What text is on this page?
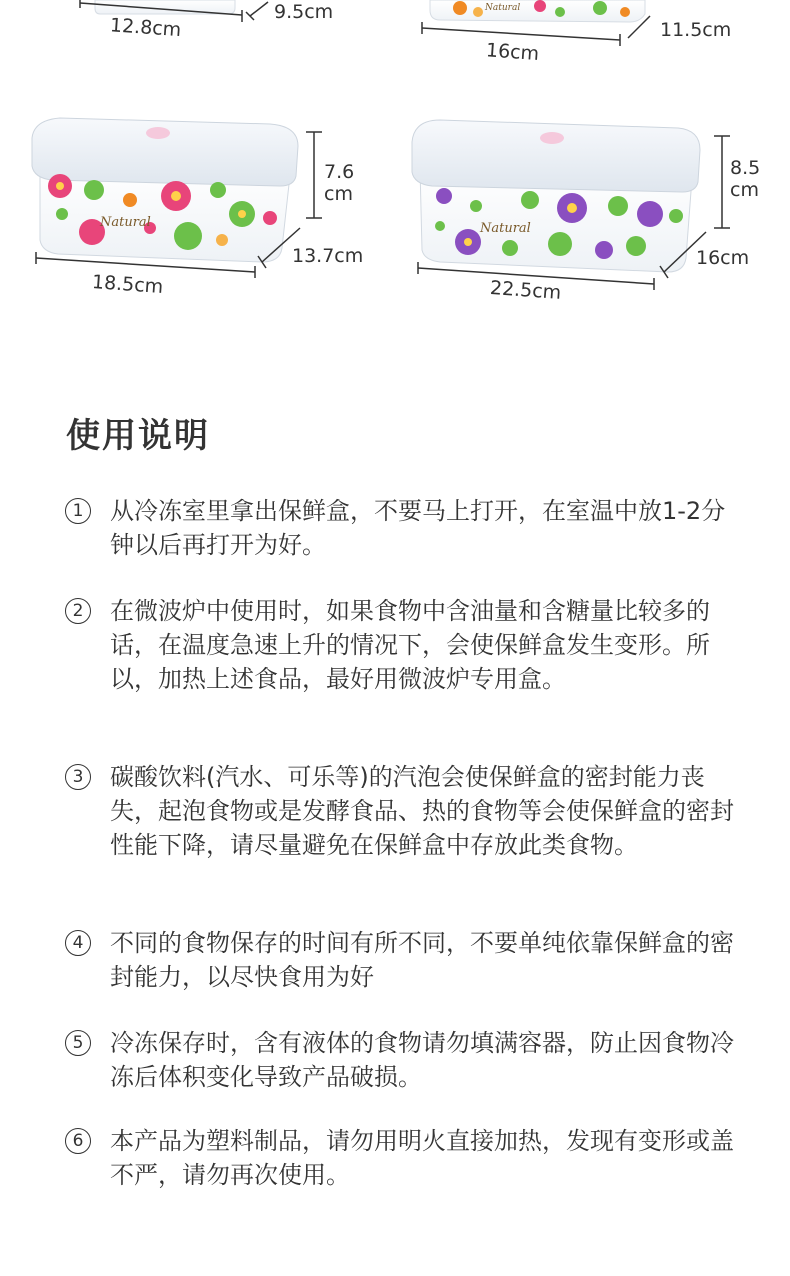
12.8cm
9.5cm	Natural
16cm
11.5cm
Natural
7.6
cm
13.7cm
18.5cm
Natural
8.5
cm
16cm
22.5cm
使用说明
1	从冷冻室里拿出保鲜盒，不要马上打开，在室温中放1-2分钟以后再打开为好。
2	在微波炉中使用时，如果食物中含油量和含糖量比较多的话，在温度急速上升的情况下，会使保鲜盒发生变形。所以，加热上述食品，最好用微波炉专用盒。
3	碳酸饮料(汽水、可乐等)的汽泡会使保鲜盒的密封能力丧失，起泡食物或是发酵食品、热的食物等会使保鲜盒的密封性能下降，请尽量避免在保鲜盒中存放此类食物。
4	不同的食物保存的时间有所不同，不要单纯依靠保鲜盒的密封能力，以尽快食用为好
5	冷冻保存时，含有液体的食物请勿填满容器，防止因食物冷冻后体积变化导致产品破损。
6	本产品为塑料制品，请勿用明火直接加热，发现有变形或盖不严，请勿再次使用。
